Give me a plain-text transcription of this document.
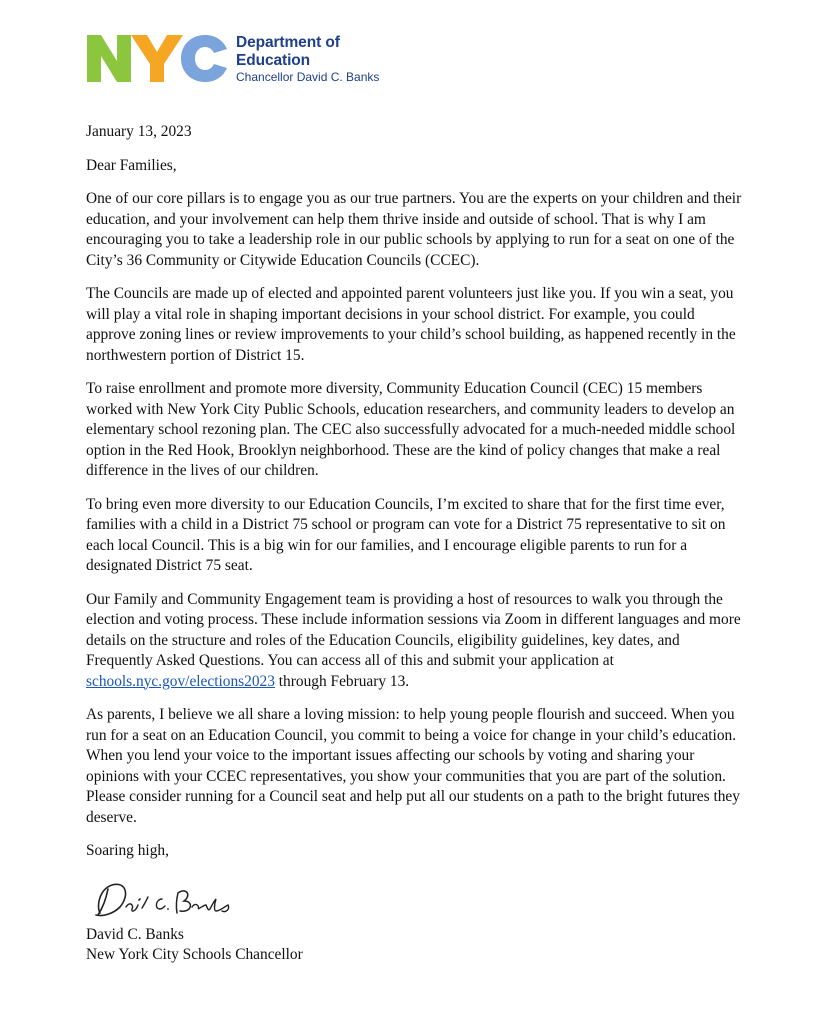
Department of
Education
Chancellor David C. Banks

January 13, 2023

Dear Families,

One of our core pillars is to engage you as our true partners. You are the experts on your children and their education, and your involvement can help them thrive inside and outside of school. That is why I am encouraging you to take a leadership role in our public schools by applying to run for a seat on one of the City’s 36 Community or Citywide Education Councils (CCEC).

The Councils are made up of elected and appointed parent volunteers just like you. If you win a seat, you will play a vital role in shaping important decisions in your school district. For example, you could approve zoning lines or review improvements to your child’s school building, as happened recently in the northwestern portion of District 15.

To raise enrollment and promote more diversity, Community Education Council (CEC) 15 members worked with New York City Public Schools, education researchers, and community leaders to develop an elementary school rezoning plan. The CEC also successfully advocated for a much-needed middle school option in the Red Hook, Brooklyn neighborhood. These are the kind of policy changes that make a real difference in the lives of our children.

To bring even more diversity to our Education Councils, I’m excited to share that for the first time ever, families with a child in a District 75 school or program can vote for a District 75 representative to sit on each local Council. This is a big win for our families, and I encourage eligible parents to run for a designated District 75 seat.

Our Family and Community Engagement team is providing a host of resources to walk you through the election and voting process. These include information sessions via Zoom in different languages and more details on the structure and roles of the Education Councils, eligibility guidelines, key dates, and Frequently Asked Questions. You can access all of this and submit your application at schools.nyc.gov/elections2023 through February 13.

As parents, I believe we all share a loving mission: to help young people flourish and succeed. When you run for a seat on an Education Council, you commit to being a voice for change in your child’s education. When you lend your voice to the important issues affecting our schools by voting and sharing your opinions with your CCEC representatives, you show your communities that you are part of the solution. Please consider running for a Council seat and help put all our students on a path to the bright futures they deserve.

Soaring high,

David C. Banks

New York City Schools Chancellor
